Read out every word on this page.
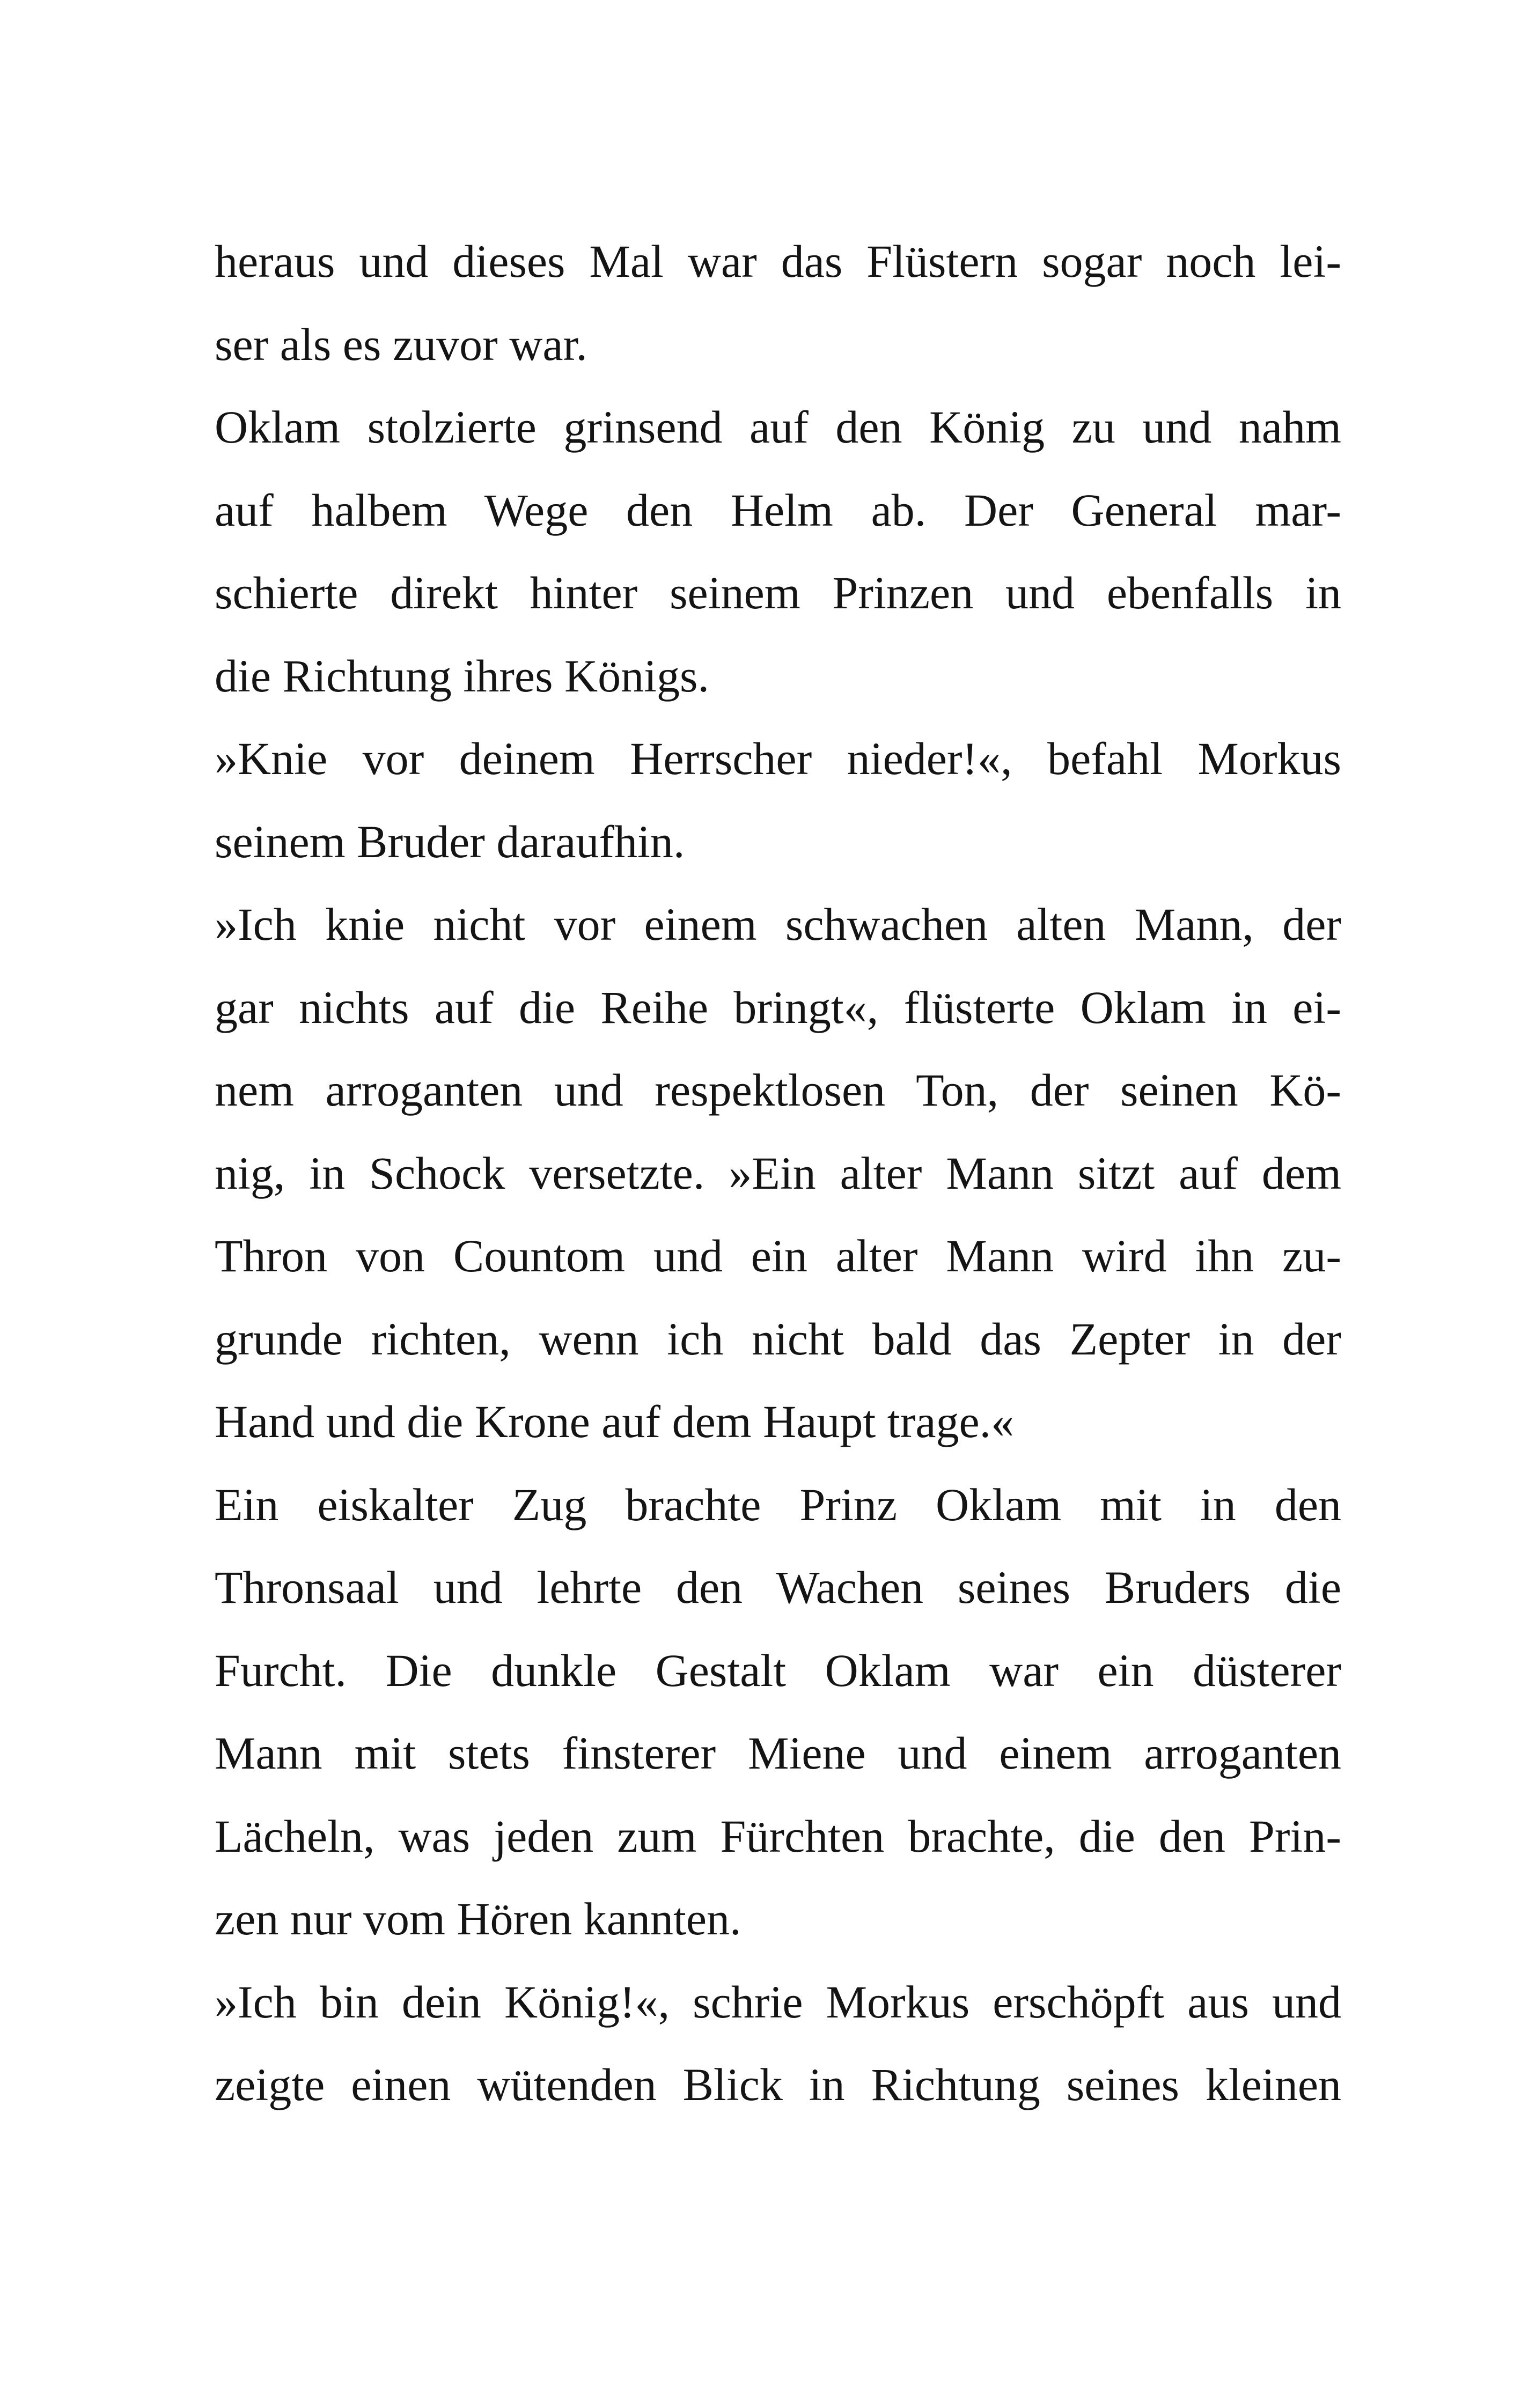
heraus und dieses Mal war das Flüstern sogar noch lei-
ser als es zuvor war.
Oklam stolzierte grinsend auf den König zu und nahm
auf halbem Wege den Helm ab. Der General mar-
schierte direkt hinter seinem Prinzen und ebenfalls in
die Richtung ihres Königs.
»Knie vor deinem Herrscher nieder!«, befahl Morkus
seinem Bruder daraufhin.
»Ich knie nicht vor einem schwachen alten Mann, der
gar nichts auf die Reihe bringt«, flüsterte Oklam in ei-
nem arroganten und respektlosen Ton, der seinen Kö-
nig, in Schock versetzte. »Ein alter Mann sitzt auf dem
Thron von Countom und ein alter Mann wird ihn zu-
grunde richten, wenn ich nicht bald das Zepter in der
Hand und die Krone auf dem Haupt trage.«
Ein eiskalter Zug brachte Prinz Oklam mit in den
Thronsaal und lehrte den Wachen seines Bruders die
Furcht. Die dunkle Gestalt Oklam war ein düsterer
Mann mit stets finsterer Miene und einem arroganten
Lächeln, was jeden zum Fürchten brachte, die den Prin-
zen nur vom Hören kannten.
»Ich bin dein König!«, schrie Morkus erschöpft aus und
zeigte einen wütenden Blick in Richtung seines kleinen
